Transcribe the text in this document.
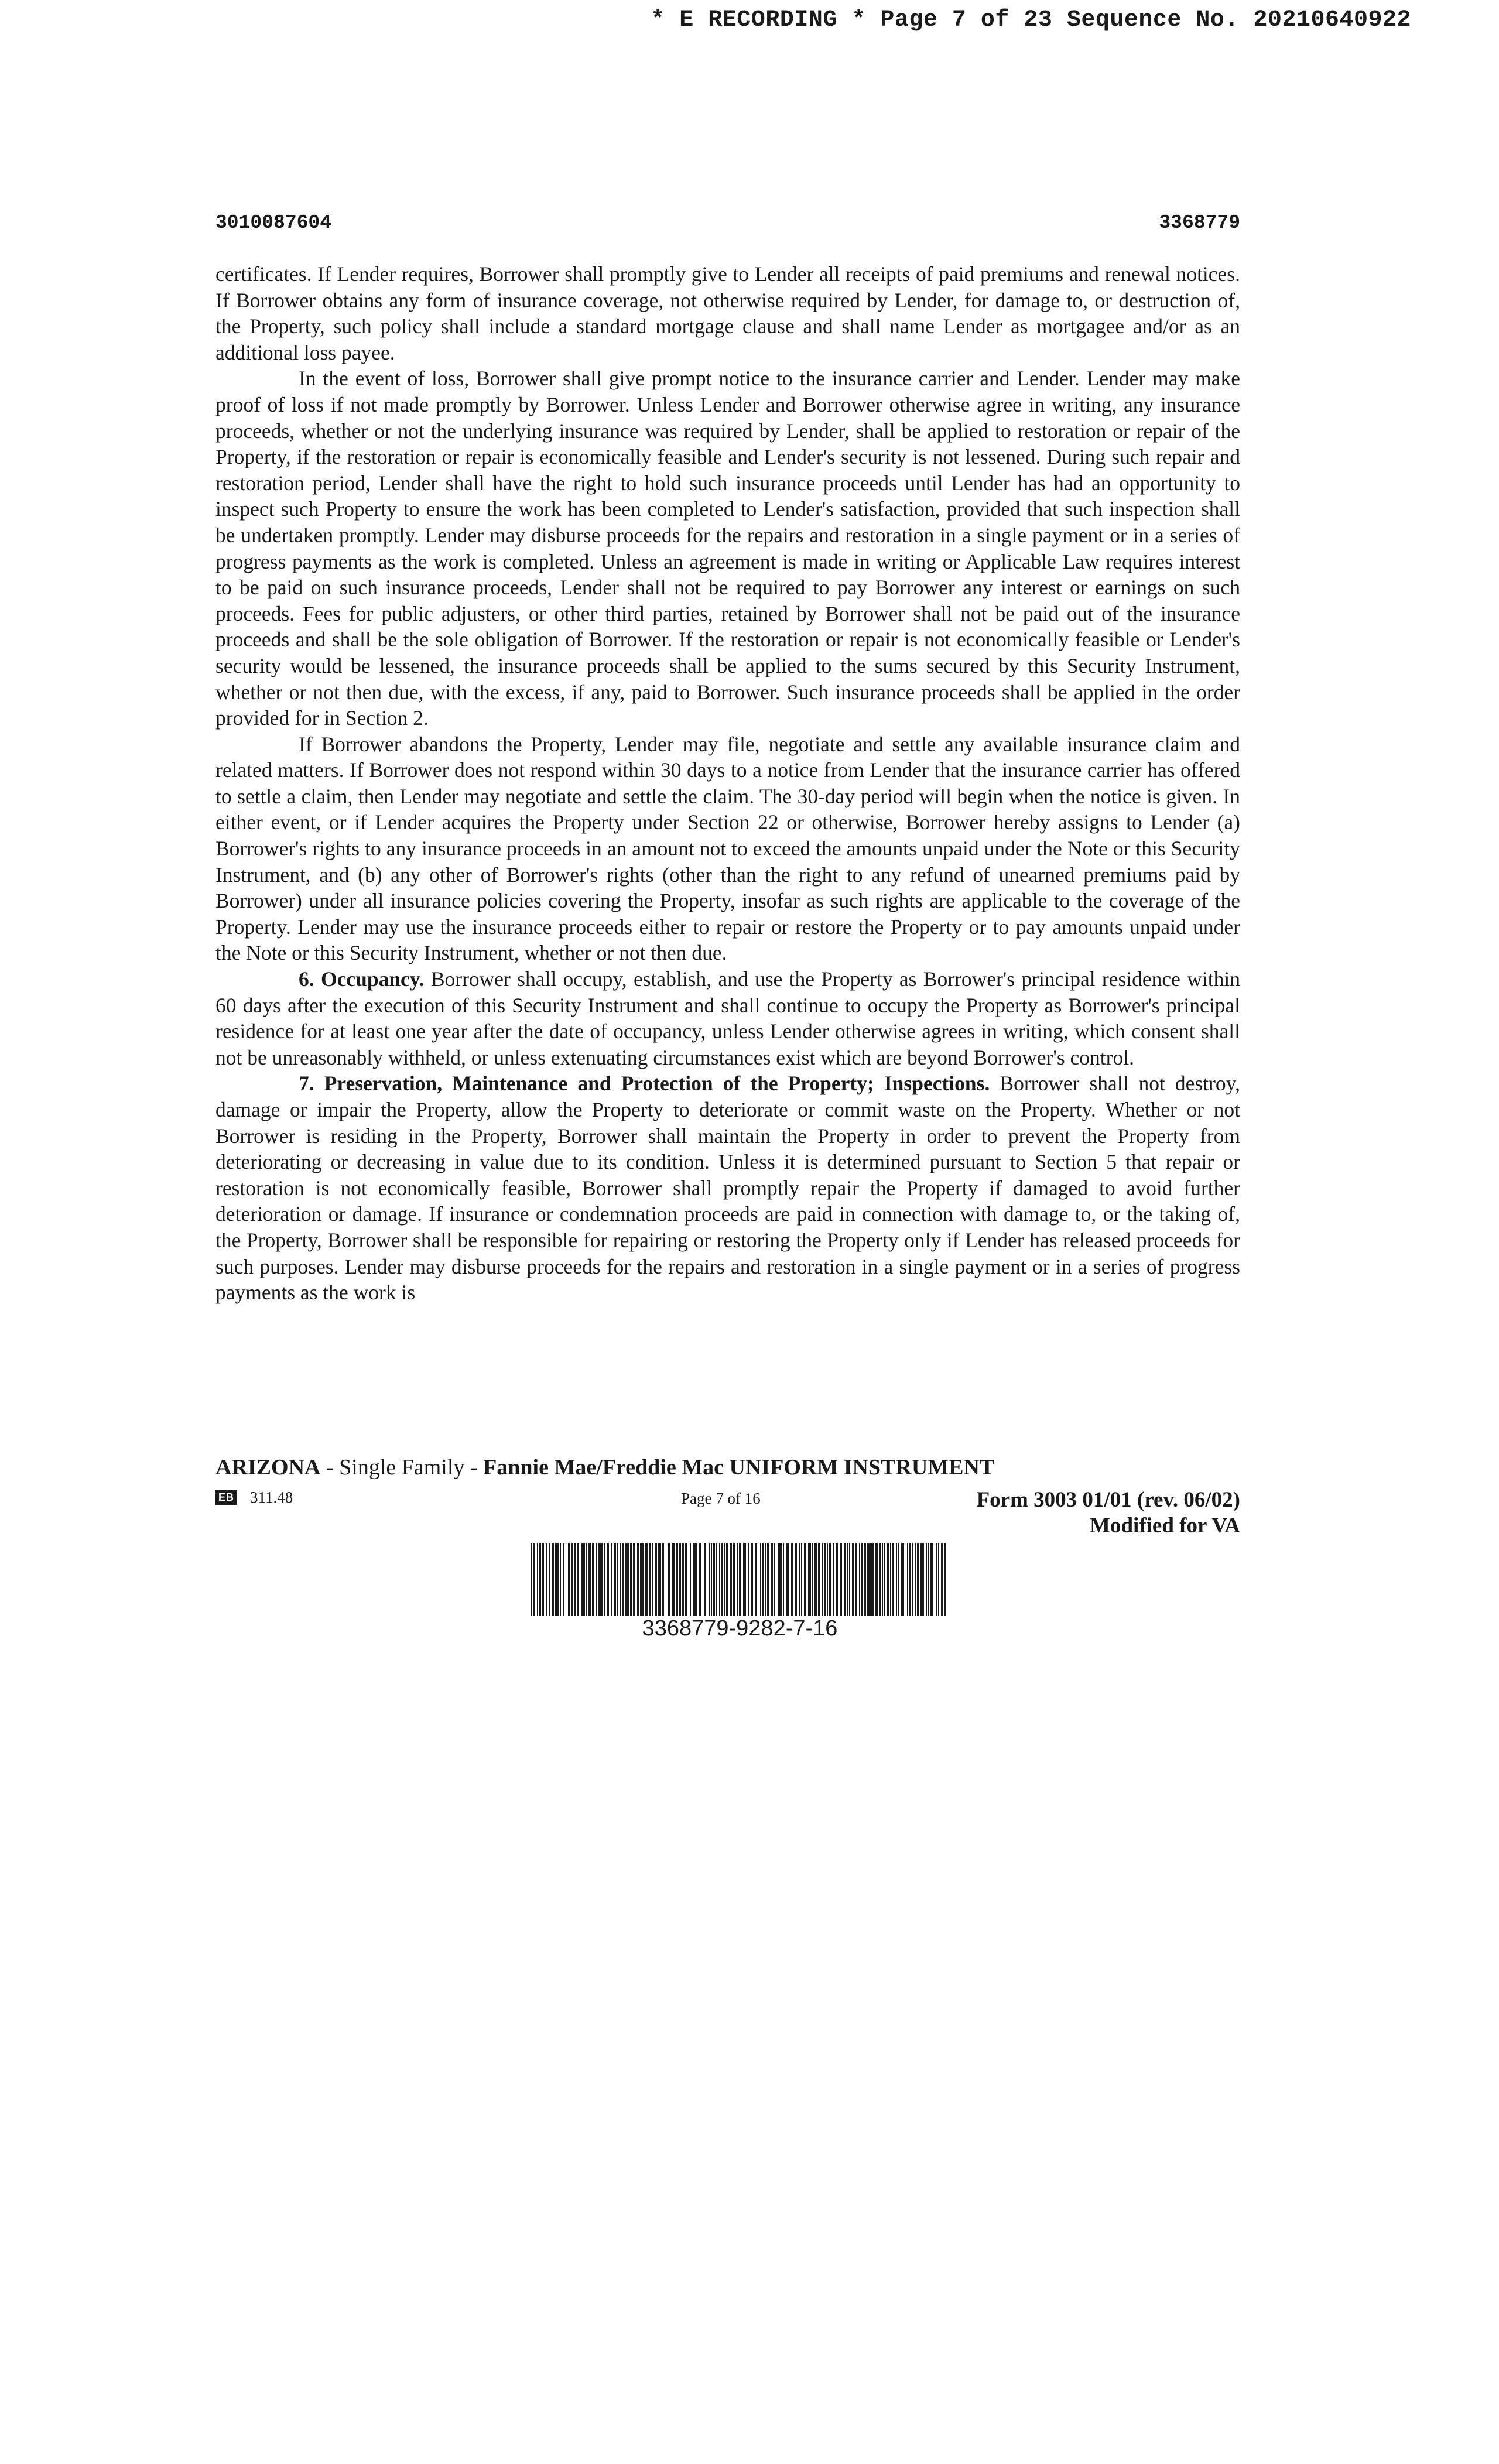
* E RECORDING * Page 7 of 23 Sequence No. 20210640922
3010087604	3368779

certificates. If Lender requires, Borrower shall promptly give to Lender all receipts of paid premiums and renewal notices. If Borrower obtains any form of insurance coverage, not otherwise required by Lender, for damage to, or destruction of, the Property, such policy shall include a standard mortgage clause and shall name Lender as mortgagee and/or as an additional loss payee.

In the event of loss, Borrower shall give prompt notice to the insurance carrier and Lender. Lender may make proof of loss if not made promptly by Borrower. Unless Lender and Borrower otherwise agree in writing, any insurance proceeds, whether or not the underlying insurance was required by Lender, shall be applied to restoration or repair of the Property, if the restoration or repair is economically feasible and Lender's security is not lessened. During such repair and restoration period, Lender shall have the right to hold such insurance proceeds until Lender has had an opportunity to inspect such Property to ensure the work has been completed to Lender's satisfaction, provided that such inspection shall be undertaken promptly. Lender may disburse proceeds for the repairs and restoration in a single payment or in a series of progress payments as the work is completed. Unless an agreement is made in writing or Applicable Law requires interest to be paid on such insurance proceeds, Lender shall not be required to pay Borrower any interest or earnings on such proceeds. Fees for public adjusters, or other third parties, retained by Borrower shall not be paid out of the insurance proceeds and shall be the sole obligation of Borrower. If the restoration or repair is not economically feasible or Lender's security would be lessened, the insurance proceeds shall be applied to the sums secured by this Security Instrument, whether or not then due, with the excess, if any, paid to Borrower. Such insurance proceeds shall be applied in the order provided for in Section 2.

If Borrower abandons the Property, Lender may file, negotiate and settle any available insurance claim and related matters. If Borrower does not respond within 30 days to a notice from Lender that the insurance carrier has offered to settle a claim, then Lender may negotiate and settle the claim. The 30-day period will begin when the notice is given. In either event, or if Lender acquires the Property under Section 22 or otherwise, Borrower hereby assigns to Lender (a) Borrower's rights to any insurance proceeds in an amount not to exceed the amounts unpaid under the Note or this Security Instrument, and (b) any other of Borrower's rights (other than the right to any refund of unearned premiums paid by Borrower) under all insurance policies covering the Property, insofar as such rights are applicable to the coverage of the Property. Lender may use the insurance proceeds either to repair or restore the Property or to pay amounts unpaid under the Note or this Security Instrument, whether or not then due.

6. Occupancy. Borrower shall occupy, establish, and use the Property as Borrower's principal residence within 60 days after the execution of this Security Instrument and shall continue to occupy the Property as Borrower's principal residence for at least one year after the date of occupancy, unless Lender otherwise agrees in writing, which consent shall not be unreasonably withheld, or unless extenuating circumstances exist which are beyond Borrower's control.

7. Preservation, Maintenance and Protection of the Property; Inspections. Borrower shall not destroy, damage or impair the Property, allow the Property to deteriorate or commit waste on the Property. Whether or not Borrower is residing in the Property, Borrower shall maintain the Property in order to prevent the Property from deteriorating or decreasing in value due to its condition. Unless it is determined pursuant to Section 5 that repair or restoration is not economically feasible, Borrower shall promptly repair the Property if damaged to avoid further deterioration or damage. If insurance or condemnation proceeds are paid in connection with damage to, or the taking of, the Property, Borrower shall be responsible for repairing or restoring the Property only if Lender has released proceeds for such purposes. Lender may disburse proceeds for the repairs and restoration in a single payment or in a series of progress payments as the work is

ARIZONA - Single Family - Fannie Mae/Freddie Mac UNIFORM INSTRUMENT
EB 311.48	Page 7 of 16	Form 3003 01/01 (rev. 06/02)
Modified for VA
3368779-9282-7-16
